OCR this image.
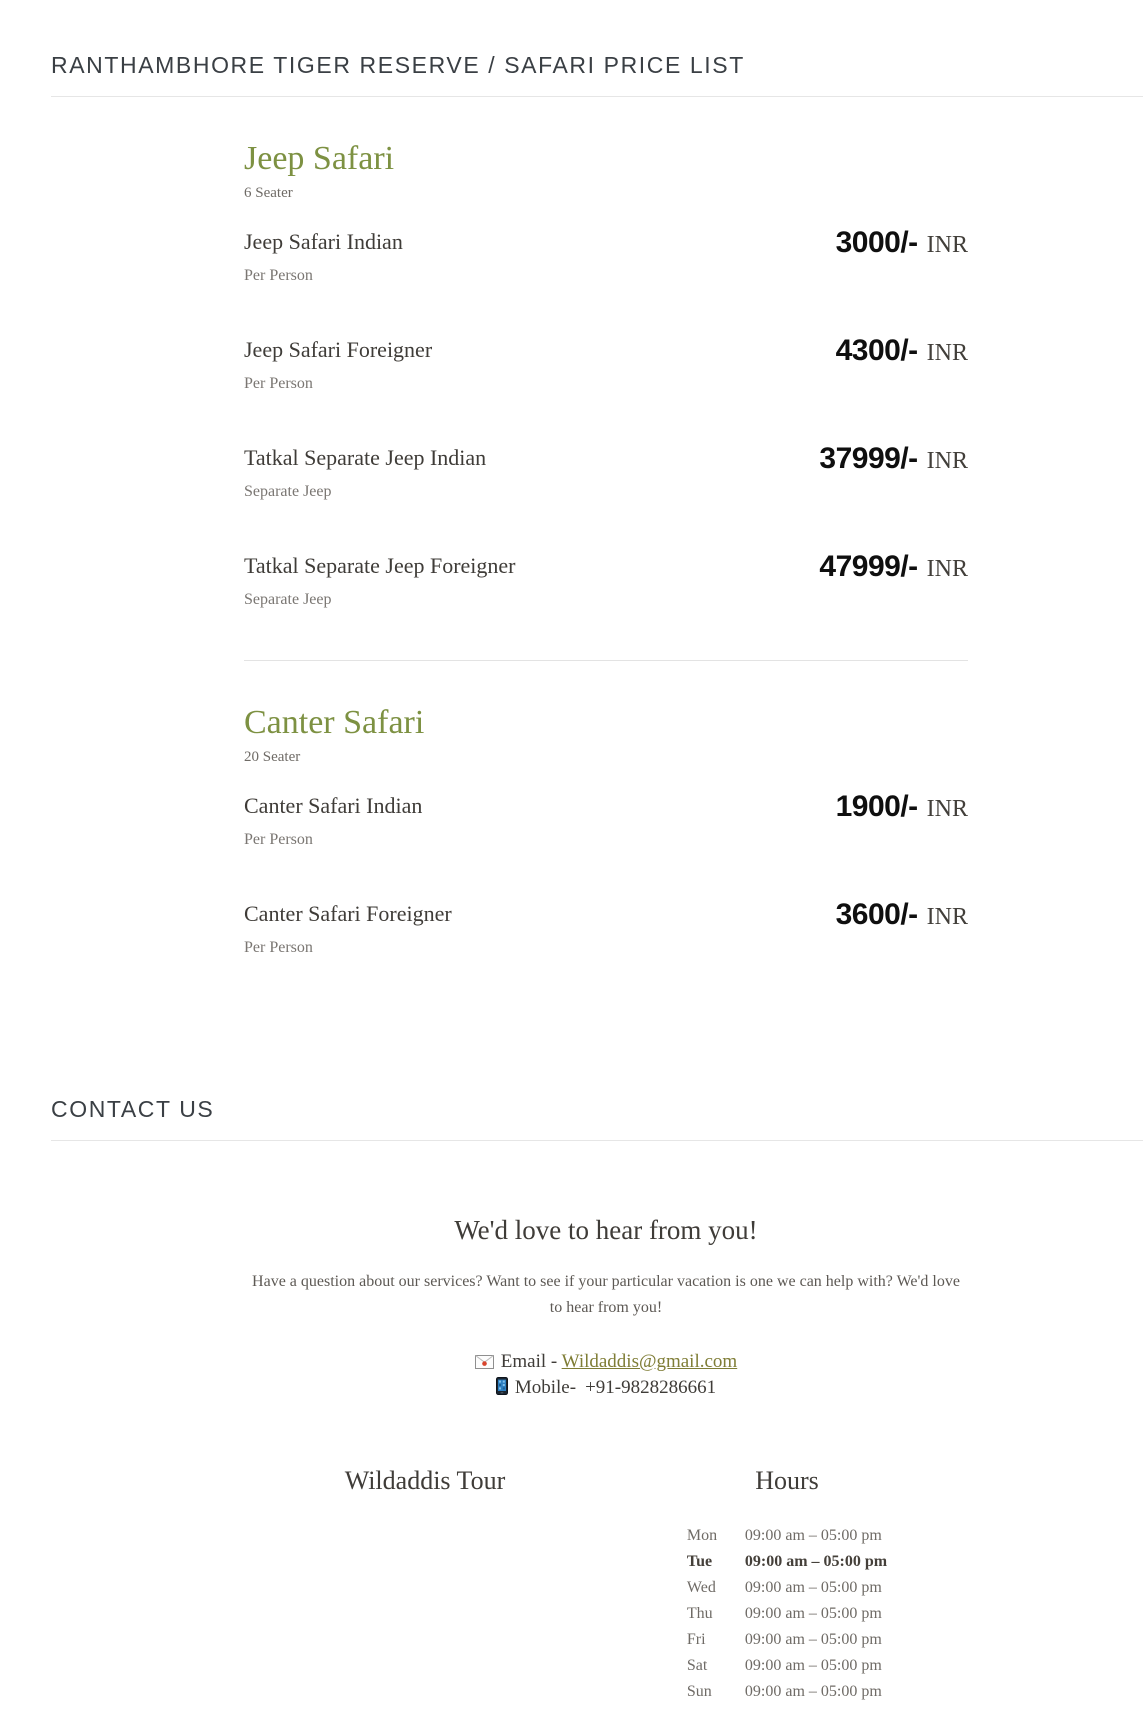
RANTHAMBHORE TIGER RESERVE / SAFARI PRICE LIST
Jeep Safari
6 Seater
Jeep Safari Indian
Per Person
3000/- INR
Jeep Safari Foreigner
Per Person
4300/- INR
Tatkal Separate Jeep Indian
Separate Jeep
37999/- INR
Tatkal Separate Jeep Foreigner
Separate Jeep
47999/- INR
Canter Safari
20 Seater
Canter Safari Indian
Per Person
1900/- INR
Canter Safari Foreigner
Per Person
3600/- INR
CONTACT US
We'd love to hear from you!

Have a question about our services? Want to see if your particular vacation is one we can help with? We'd love to hear from you!

Email - Wildaddis@gmail.com
Mobile- +91-9828286661
Wildaddis Tour	Hours
Mon	09:00 am – 05:00 pm
Tue	09:00 am – 05:00 pm
Wed	09:00 am – 05:00 pm
Thu	09:00 am – 05:00 pm
Fri	09:00 am – 05:00 pm
Sat	09:00 am – 05:00 pm
Sun	09:00 am – 05:00 pm
